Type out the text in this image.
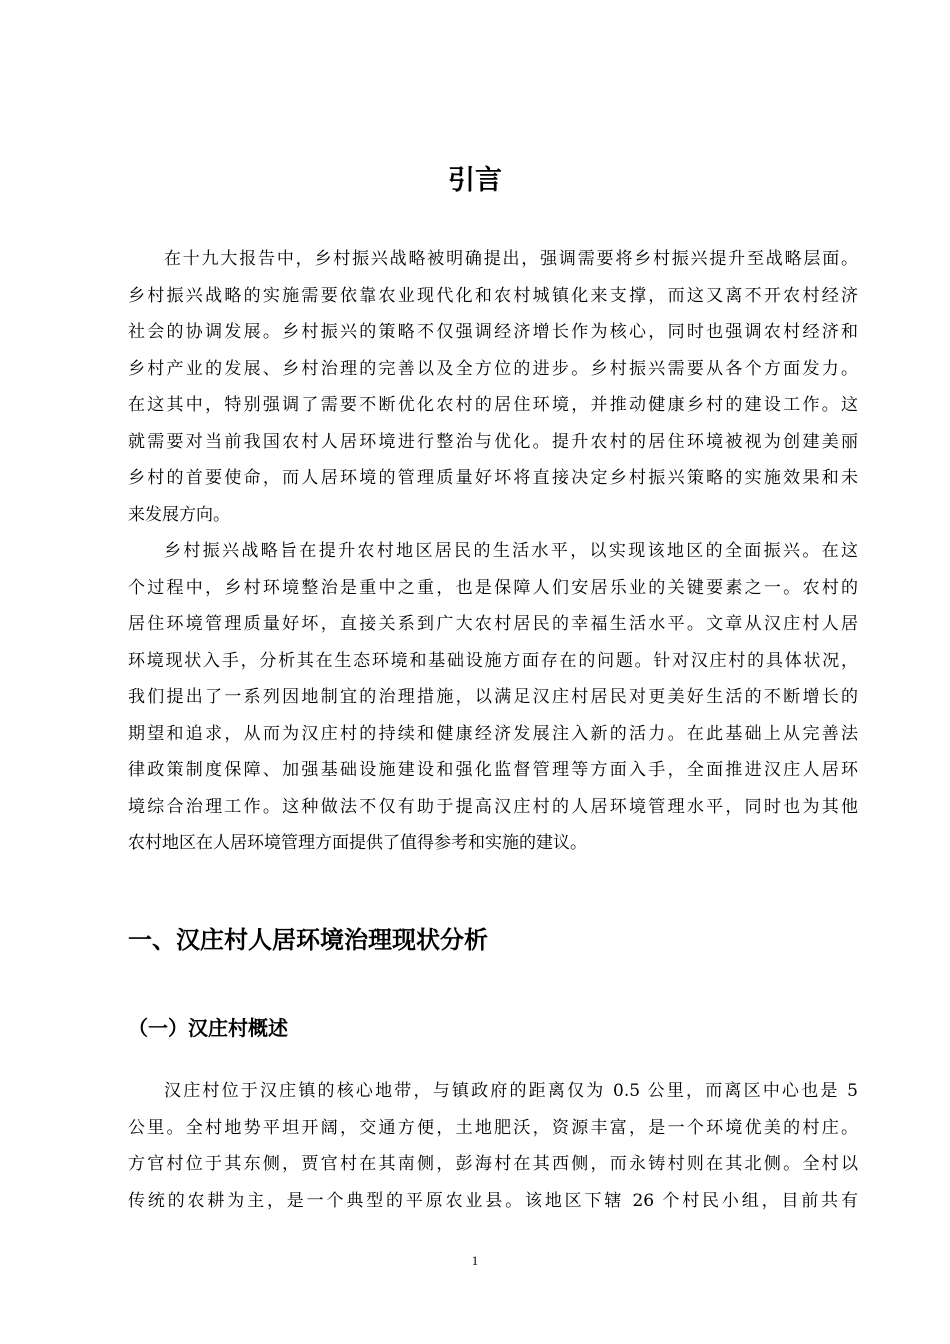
引言
在十九大报告中，乡村振兴战略被明确提出，强调需要将乡村振兴提升至战略层面。
乡村振兴战略的实施需要依靠农业现代化和农村城镇化来支撑，而这又离不开农村经济
社会的协调发展。乡村振兴的策略不仅强调经济增长作为核心，同时也强调农村经济和
乡村产业的发展、乡村治理的完善以及全方位的进步。乡村振兴需要从各个方面发力。
在这其中，特别强调了需要不断优化农村的居住环境，并推动健康乡村的建设工作。这
就需要对当前我国农村人居环境进行整治与优化。提升农村的居住环境被视为创建美丽
乡村的首要使命，而人居环境的管理质量好坏将直接决定乡村振兴策略的实施效果和未
来发展方向。
乡村振兴战略旨在提升农村地区居民的生活水平，以实现该地区的全面振兴。在这
个过程中，乡村环境整治是重中之重，也是保障人们安居乐业的关键要素之一。农村的
居住环境管理质量好坏，直接关系到广大农村居民的幸福生活水平。文章从汉庄村人居
环境现状入手，分析其在生态环境和基础设施方面存在的问题。针对汉庄村的具体状况，
我们提出了一系列因地制宜的治理措施，以满足汉庄村居民对更美好生活的不断增长的
期望和追求，从而为汉庄村的持续和健康经济发展注入新的活力。在此基础上从完善法
律政策制度保障、加强基础设施建设和强化监督管理等方面入手，全面推进汉庄人居环
境综合治理工作。这种做法不仅有助于提高汉庄村的人居环境管理水平，同时也为其他
农村地区在人居环境管理方面提供了值得参考和实施的建议。
一、汉庄村人居环境治理现状分析
（一）汉庄村概述
汉庄村位于汉庄镇的核心地带，与镇政府的距离仅为 0.5 公里，而离区中心也是 5
公里。全村地势平坦开阔，交通方便，土地肥沃，资源丰富，是一个环境优美的村庄。
方官村位于其东侧，贾官村在其南侧，彭海村在其西侧，而永铸村则在其北侧。全村以
传统的农耕为主，是一个典型的平原农业县。该地区下辖 26 个村民小组，目前共有
1
